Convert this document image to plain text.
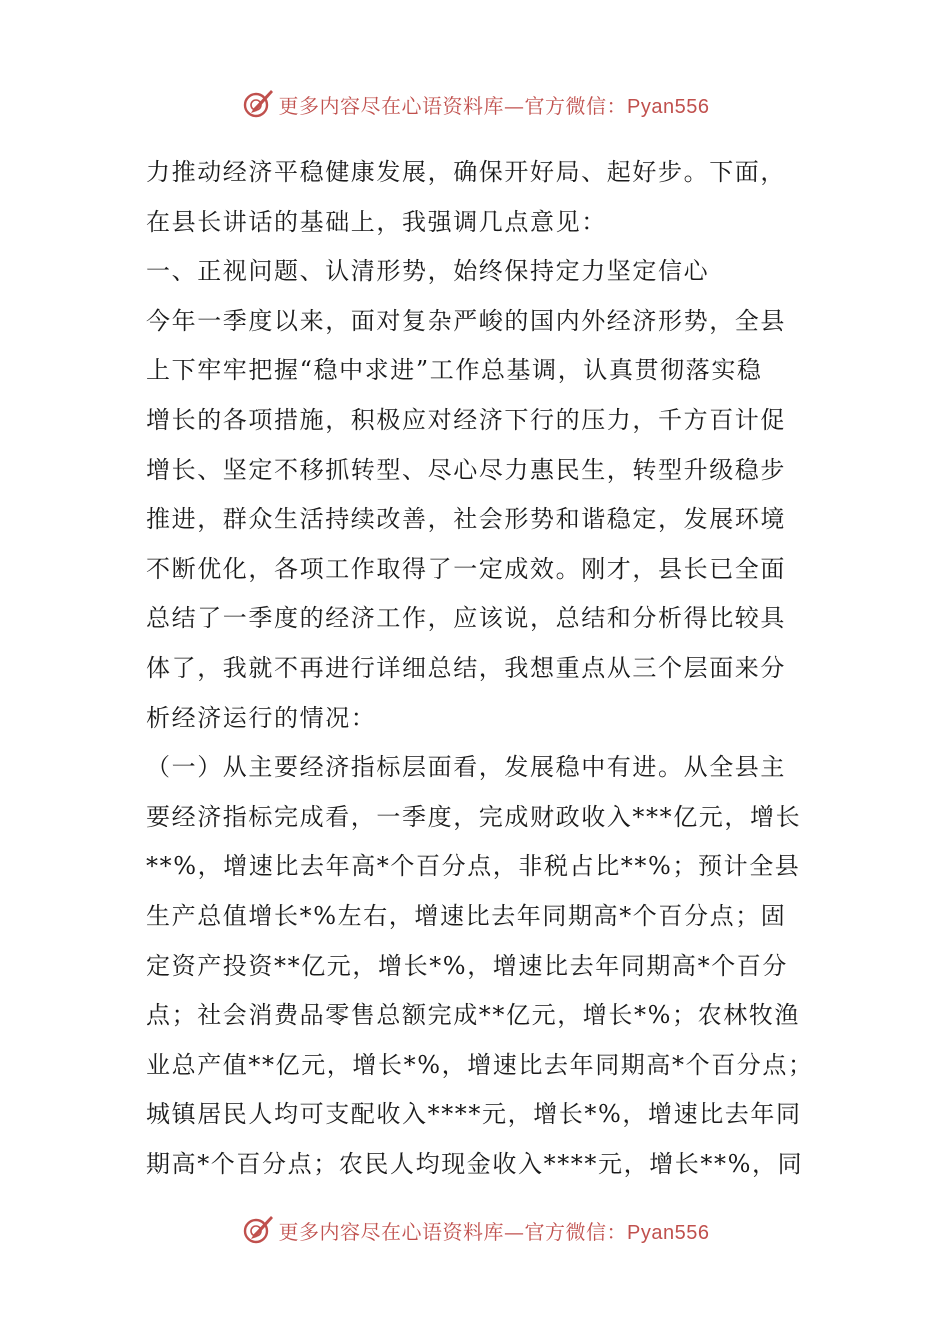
更多内容尽在心语资料库—官方微信：Pyan556
力推动经济平稳健康发展，确保开好局、起好步。下面，
在县长讲话的基础上，我强调几点意见：
一、正视问题、认清形势，始终保持定力坚定信心
今年一季度以来，面对复杂严峻的国内外经济形势，全县
上下牢牢把握“稳中求进”工作总基调，认真贯彻落实稳
增长的各项措施，积极应对经济下行的压力，千方百计促
增长、坚定不移抓转型、尽心尽力惠民生，转型升级稳步
推进，群众生活持续改善，社会形势和谐稳定，发展环境
不断优化，各项工作取得了一定成效。刚才，县长已全面
总结了一季度的经济工作，应该说，总结和分析得比较具
体了，我就不再进行详细总结，我想重点从三个层面来分
析经济运行的情况：
（一）从主要经济指标层面看，发展稳中有进。从全县主
要经济指标完成看，一季度，完成财政收入***亿元，增长
**%，增速比去年高*个百分点，非税占比**%；预计全县
生产总值增长*%左右，增速比去年同期高*个百分点；固
定资产投资**亿元，增长*%，增速比去年同期高*个百分
点；社会消费品零售总额完成**亿元，增长*%；农林牧渔
业总产值**亿元，增长*%，增速比去年同期高*个百分点；
城镇居民人均可支配收入****元，增长*%，增速比去年同
期高*个百分点；农民人均现金收入****元，增长**%，同
更多内容尽在心语资料库—官方微信：Pyan556
